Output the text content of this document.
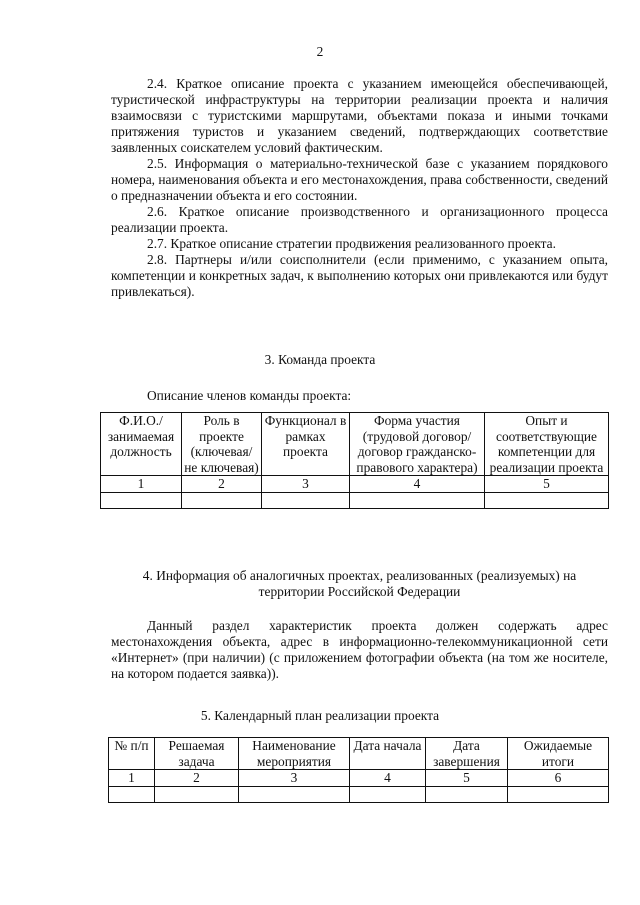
2

2.4. Краткое описание проекта с указанием имеющейся обеспечивающей, туристической инфраструктуры на территории реализации проекта и наличия взаимосвязи с туристскими маршрутами, объектами показа и иными точками притяжения туристов и указанием сведений, подтверждающих соответствие заявленных соискателем условий фактическим.

2.5. Информация о материально-технической базе с указанием порядкового номера, наименования объекта и его местонахождения, права собственности, сведений о предназначении объекта и его состоянии.

2.6. Краткое описание производственного и организационного процесса реализации проекта.

2.7. Краткое описание стратегии продвижения реализованного проекта.

2.8. Партнеры и/или соисполнители (если применимо, с указанием опыта, компетенции и конкретных задач, к выполнению которых они привлекаются или будут привлекаться).

3. Команда проекта
Описание членов команды проекта:
Ф.И.О./ занимаемая должность	Роль в проекте (ключевая/ не ключевая)	Функционал в рамках проекта	Форма участия (трудовой договор/ договор гражданско-правового характера)	Опыт и соответствующие компетенции для реализации проекта
1	2	3	4	5

4. Информация об аналогичных проектах, реализованных (реализуемых) на территории Российской Федерации

Данный раздел характеристик проекта должен содержать адрес местонахождения объекта, адрес в информационно-телекоммуникационной сети «Интернет» (при наличии) (с приложением фотографии объекта (на том же носителе, на котором подается заявка)).

5. Календарный план реализации проекта
№ п/п	Решаемая задача	Наименование мероприятия	Дата начала	Дата завершения	Ожидаемые итоги
1	2	3	4	5	6
